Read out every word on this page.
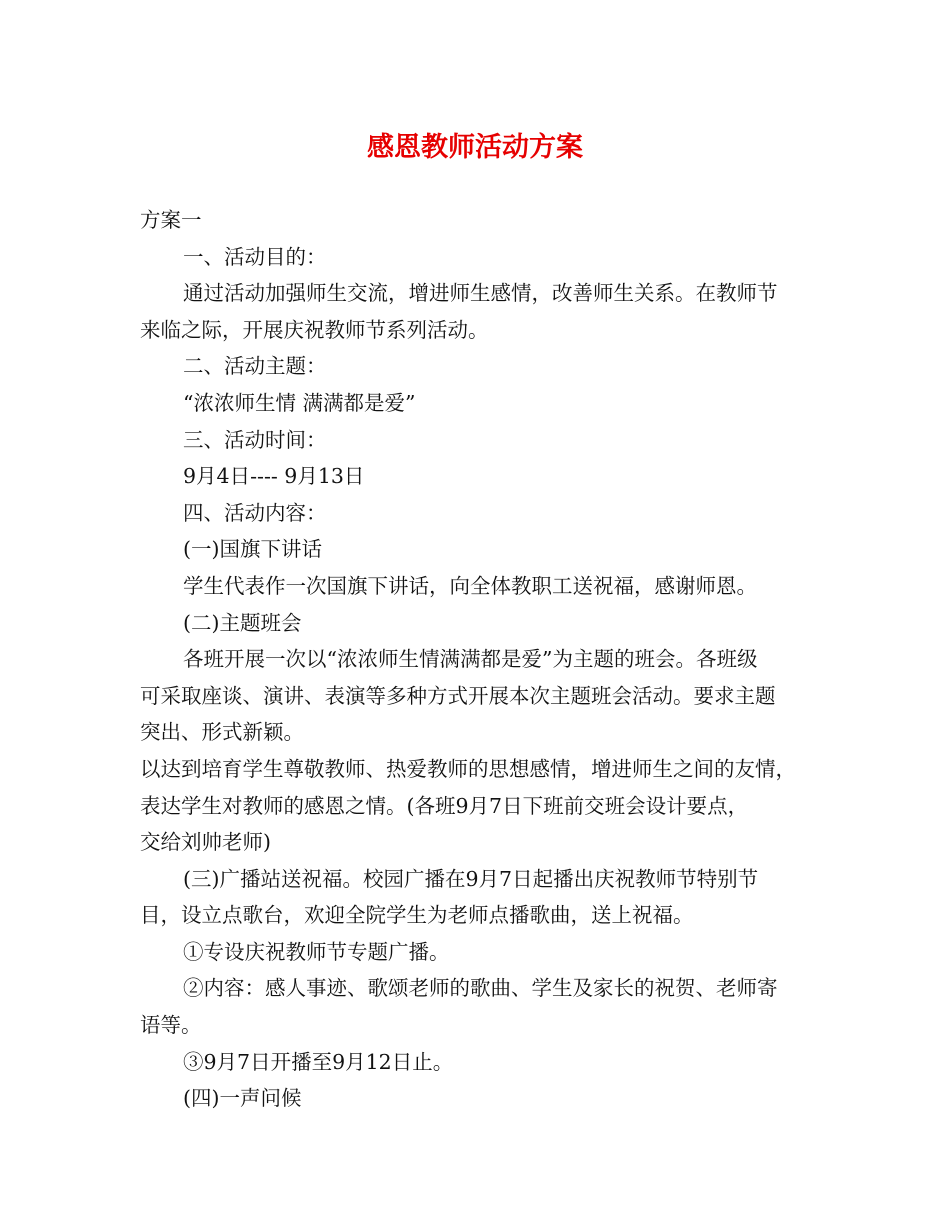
感恩教师活动方案
方案一
一、活动目的：
通过活动加强师生交流，增进师生感情，改善师生关系。在教师节
来临之际，开展庆祝教师节系列活动。
二、活动主题：
“浓浓师生情 满满都是爱”
三、活动时间：
9月4日---- 9月13日
四、活动内容：
(一)国旗下讲话
学生代表作一次国旗下讲话，向全体教职工送祝福，感谢师恩。
(二)主题班会
各班开展一次以“浓浓师生情满满都是爱”为主题的班会。各班级
可采取座谈、演讲、表演等多种方式开展本次主题班会活动。要求主题
突出、形式新颖。
以达到培育学生尊敬教师、热爱教师的思想感情，增进师生之间的友情，
表达学生对教师的感恩之情。(各班9月7日下班前交班会设计要点，
交给刘帅老师)
(三)广播站送祝福。校园广播在9月7日起播出庆祝教师节特别节
目，设立点歌台，欢迎全院学生为老师点播歌曲，送上祝福。
①专设庆祝教师节专题广播。
②内容：感人事迹、歌颂老师的歌曲、学生及家长的祝贺、老师寄
语等。
③9月7日开播至9月12日止。
(四)一声问候
